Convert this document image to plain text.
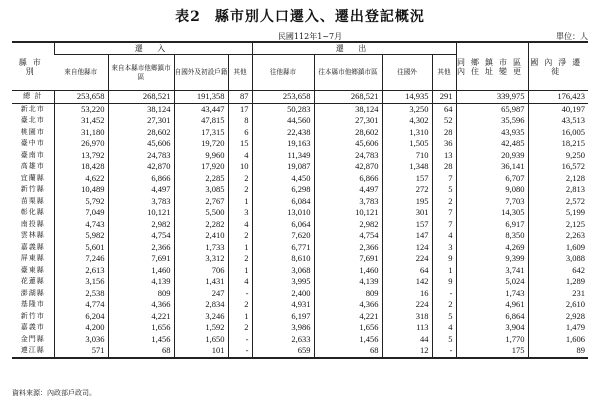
表2 縣市別人口遷入、遷出登記概況
民國112年1~7月	單位：人

縣市別	遷 入				遷 出				同鄉鎮市區內住址變更	國內淨遷徙
	來自他縣市	來自本縣市他鄉鎮市區	自國外及初設戶籍	其他	往他縣市	往本縣市他鄉鎮市區	往國外	其他		
總 計	253,658	268,521	191,358	87	253,658	268,521	14,935	291	339,975	176,423
新北市	53,220	38,124	43,447	17	50,283	38,124	3,250	64	65,987	40,197
臺北市	31,452	27,301	47,815	8	44,560	27,301	4,302	52	35,596	43,513
桃園市	31,180	28,602	17,315	6	22,438	28,602	1,310	28	43,935	16,005
臺中市	26,970	45,606	19,720	15	19,163	45,606	1,505	36	42,485	18,215
臺南市	13,792	24,783	9,960	4	11,349	24,783	710	13	20,939	9,250
高雄市	18,428	42,870	17,920	10	19,087	42,870	1,348	28	36,141	16,572
宜蘭縣	4,622	6,866	2,285	2	4,450	6,866	157	7	6,707	2,128
新竹縣	10,489	4,497	3,085	2	6,298	4,497	272	5	9,080	2,813
苗栗縣	5,792	3,783	2,767	1	6,084	3,783	195	2	7,703	2,572
彰化縣	7,049	10,121	5,500	3	13,010	10,121	301	7	14,305	5,199
南投縣	4,743	2,982	2,282	4	6,064	2,982	157	7	6,917	2,125
雲林縣	5,982	4,754	2,410	2	7,620	4,754	147	4	8,350	2,263
嘉義縣	5,601	2,366	1,733	1	6,771	2,366	124	3	4,269	1,609
屏東縣	7,246	7,691	3,312	2	8,610	7,691	224	9	9,399	3,088
臺東縣	2,613	1,460	706	1	3,068	1,460	64	1	3,741	642
花蓮縣	3,156	4,139	1,431	4	3,995	4,139	142	9	5,024	1,289
澎湖縣	2,538	809	247	-	2,400	809	16	-	1,743	231
基隆市	4,774	4,366	2,834	2	4,931	4,366	224	2	4,961	2,610
新竹市	6,204	4,221	3,246	1	6,197	4,221	318	5	6,864	2,928
嘉義市	4,200	1,656	1,592	2	3,986	1,656	113	4	3,904	1,479
金門縣	3,036	1,456	1,650	-	2,633	1,456	44	5	1,770	1,606
連江縣	571	68	101	-	659	68	12	-	175	89
資料來源：內政部戶政司。
